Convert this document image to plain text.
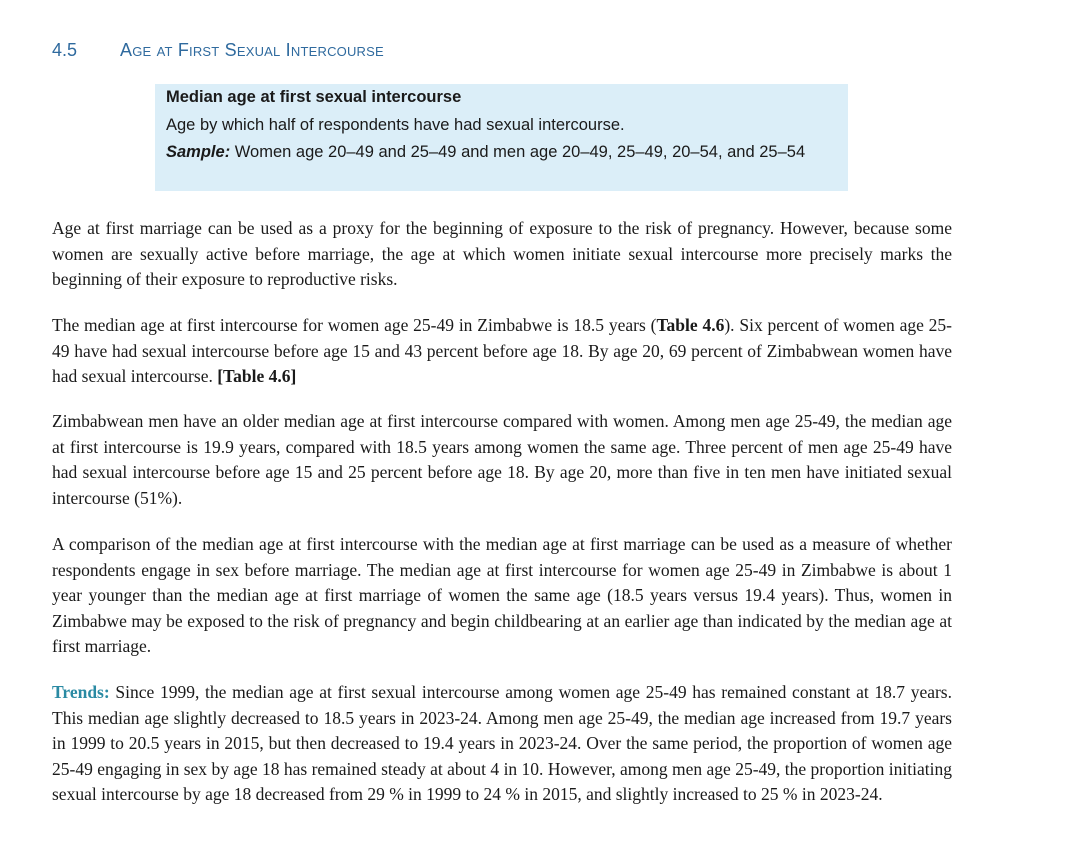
4.5 Age at First Sexual Intercourse

Median age at first sexual intercourse

Age by which half of respondents have had sexual intercourse.

Sample: Women age 20–49 and 25–49 and men age 20–49, 25–49, 20–54, and 25–54

Age at first marriage can be used as a proxy for the beginning of exposure to the risk of pregnancy. However, because some women are sexually active before marriage, the age at which women initiate sexual intercourse more precisely marks the beginning of their exposure to reproductive risks.

The median age at first intercourse for women age 25-49 in Zimbabwe is 18.5 years (Table 4.6). Six percent of women age 25-49 have had sexual intercourse before age 15 and 43 percent before age 18. By age 20, 69 percent of Zimbabwean women have had sexual intercourse. [Table 4.6]

Zimbabwean men have an older median age at first intercourse compared with women. Among men age 25-49, the median age at first intercourse is 19.9 years, compared with 18.5 years among women the same age. Three percent of men age 25-49 have had sexual intercourse before age 15 and 25 percent before age 18. By age 20, more than five in ten men have initiated sexual intercourse (51%).

A comparison of the median age at first intercourse with the median age at first marriage can be used as a measure of whether respondents engage in sex before marriage. The median age at first intercourse for women age 25-49 in Zimbabwe is about 1 year younger than the median age at first marriage of women the same age (18.5 years versus 19.4 years). Thus, women in Zimbabwe may be exposed to the risk of pregnancy and begin childbearing at an earlier age than indicated by the median age at first marriage.

Trends: Since 1999, the median age at first sexual intercourse among women age 25-49 has remained constant at 18.7 years. This median age slightly decreased to 18.5 years in 2023-24. Among men age 25-49, the median age increased from 19.7 years in 1999 to 20.5 years in 2015, but then decreased to 19.4 years in 2023-24. Over the same period, the proportion of women age 25-49 engaging in sex by age 18 has remained steady at about 4 in 10. However, among men age 25-49, the proportion initiating sexual intercourse by age 18 decreased from 29 % in 1999 to 24 % in 2015, and slightly increased to 25 % in 2023-24.
